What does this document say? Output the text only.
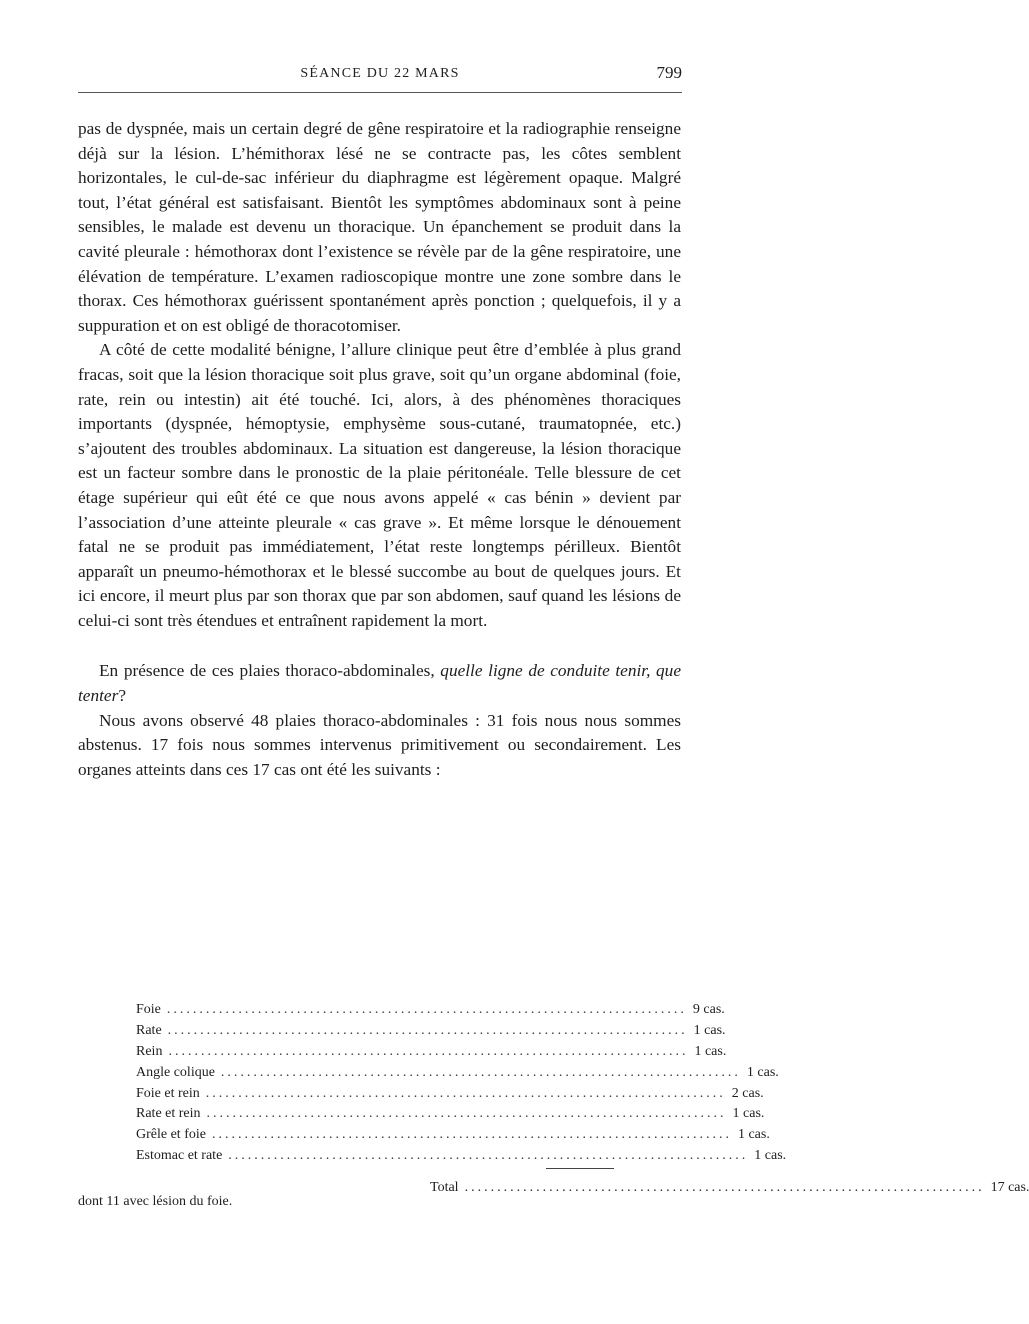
SÉANCE DU 22 MARS	799

pas de dyspnée, mais un certain degré de gêne respiratoire et la radiographie renseigne déjà sur la lésion. L’hémithorax lésé ne se contracte pas, les côtes semblent horizontales, le cul-de-sac inférieur du diaphragme est légèrement opaque. Malgré tout, l’état général est satisfaisant. Bientôt les symptômes abdominaux sont à peine sensibles, le malade est devenu un thoracique. Un épanchement se produit dans la cavité pleurale : hémothorax dont l’existence se révèle par de la gêne respiratoire, une élévation de température. L’examen radioscopique montre une zone sombre dans le thorax. Ces hémothorax guérissent spontanément après ponction ; quelquefois, il y a suppuration et on est obligé de thoracotomiser.

A côté de cette modalité bénigne, l’allure clinique peut être d’emblée à plus grand fracas, soit que la lésion thoracique soit plus grave, soit qu’un organe abdominal (foie, rate, rein ou intestin) ait été touché. Ici, alors, à des phénomènes thoraciques importants (dyspnée, hémoptysie, emphysème sous-cutané, traumatopnée, etc.) s’ajoutent des troubles abdominaux. La situation est dangereuse, la lésion thoracique est un facteur sombre dans le pronostic de la plaie péritonéale. Telle blessure de cet étage supérieur qui eût été ce que nous avons appelé « cas bénin » devient par l’association d’une atteinte pleurale « cas grave ». Et même lorsque le dénouement fatal ne se produit pas immédiatement, l’état reste longtemps périlleux. Bientôt apparaît un pneumo-hémothorax et le blessé succombe au bout de quelques jours. Et ici encore, il meurt plus par son thorax que par son abdomen, sauf quand les lésions de celui-ci sont très étendues et entraînent rapidement la mort.

En présence de ces plaies thoraco-abdominales, quelle ligne de conduite tenir, que tenter?

Nous avons observé 48 plaies thoraco-abdominales : 31 fois nous nous sommes abstenus. 17 fois nous sommes intervenus primitivement ou secondairement. Les organes atteints dans ces 17 cas ont été les suivants :

Foie ................................................................................ 9 cas.
Rate ................................................................................ 1 cas.
Rein ................................................................................ 1 cas.
Angle colique ................................................................................ 1 cas.
Foie et rein ................................................................................ 2 cas.
Rate et rein ................................................................................ 1 cas.
Grêle et foie ................................................................................ 1 cas.
Estomac et rate ................................................................................ 1 cas.
Total ................................................................................ 17 cas.
dont 11 avec lésion du foie.
